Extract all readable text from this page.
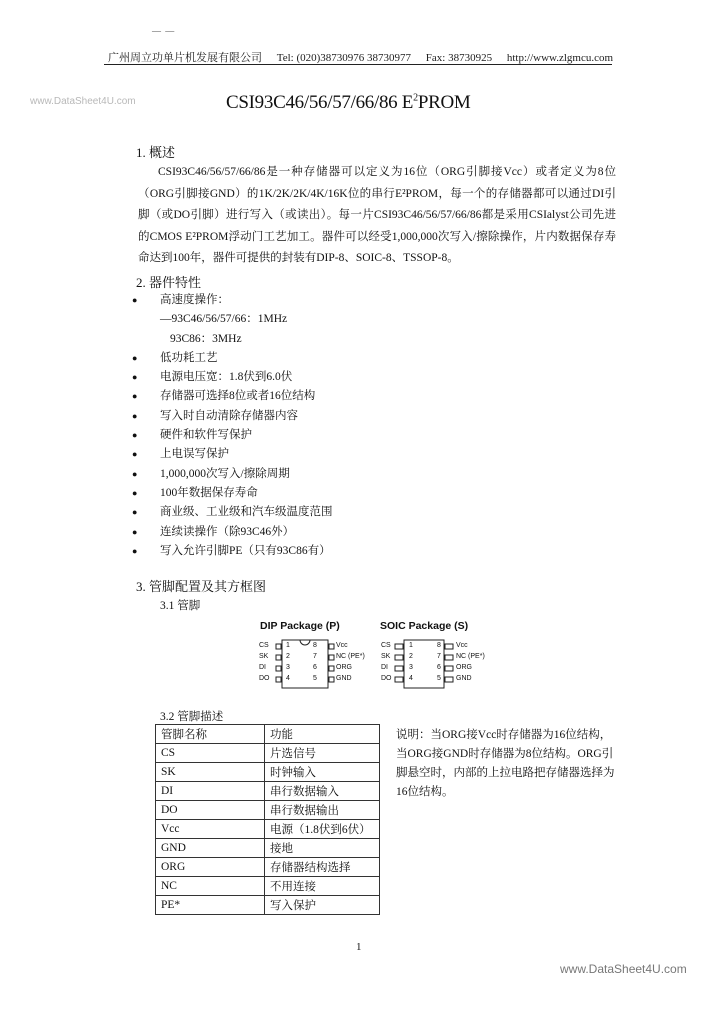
— —
广州周立功单片机发展有限公司 Tel: (020)38730976 38730977 Fax: 38730925 http://www.zlgmcu.com
www.DataSheet4U.com	CSI93C46/56/57/66/86 $E^2PROM$
1. 概述
CSI93C46/56/57/66/86是一种存储器可以定义为16位（ORG引脚接Vcc）或者定义为8位（ORG引脚接GND）的1K/2K/2K/4K/16K位的串行E²PROM，每一个的存储器都可以通过DI引脚（或DO引脚）进行写入（或读出）。每一片CSI93C46/56/57/66/86都是采用CSIalyst公司先进的CMOS E²PROM浮动门工艺加工。器件可以经受1,000,000次写入/擦除操作，片内数据保存寿命达到100年，器件可提供的封装有DIP-8、SOIC-8、TSSOP-8。
2. 器件特性
● 高速度操作：
—93C46/56/57/66：1MHz
93C86：3MHz
● 低功耗工艺
● 电源电压宽：1.8伏到6.0伏
● 存储器可选择8位或者16位结构
● 写入时自动清除存储器内容
● 硬件和软件写保护
● 上电误写保护
● 1,000,000次写入/擦除周期
● 100年数据保存寿命
● 商业级、工业级和汽车级温度范围
● 连续读操作（除93C46外）
● 写入允许引脚PE（只有93C86有）
3. 管脚配置及其方框图
3.1 管脚
DIP Package (P)	SOIC Package (S)
CS
SK
DI
DO
1
2
3
4
8
7
6
5
Vcc
NC (PE*)
ORG
GND
CS
SK
DI
DO
1
2
3
4
8
7
6
5
Vcc
NC (PE*)
ORG
GND
3.2 管脚描述
管脚名称	功能
CS	片选信号
SK	时钟输入
DI	串行数据输入
DO	串行数据输出
Vcc	电源（1.8伏到6伏）
GND	接地
ORG	存储器结构选择
NC	不用连接
PE*	写入保护
说明：当ORG接Vcc时存储器为16位结构，当ORG接GND时存储器为8位结构。ORG引脚悬空时，内部的上拉电路把存储器选择为16位结构。
1
www.DataSheet4U.com
